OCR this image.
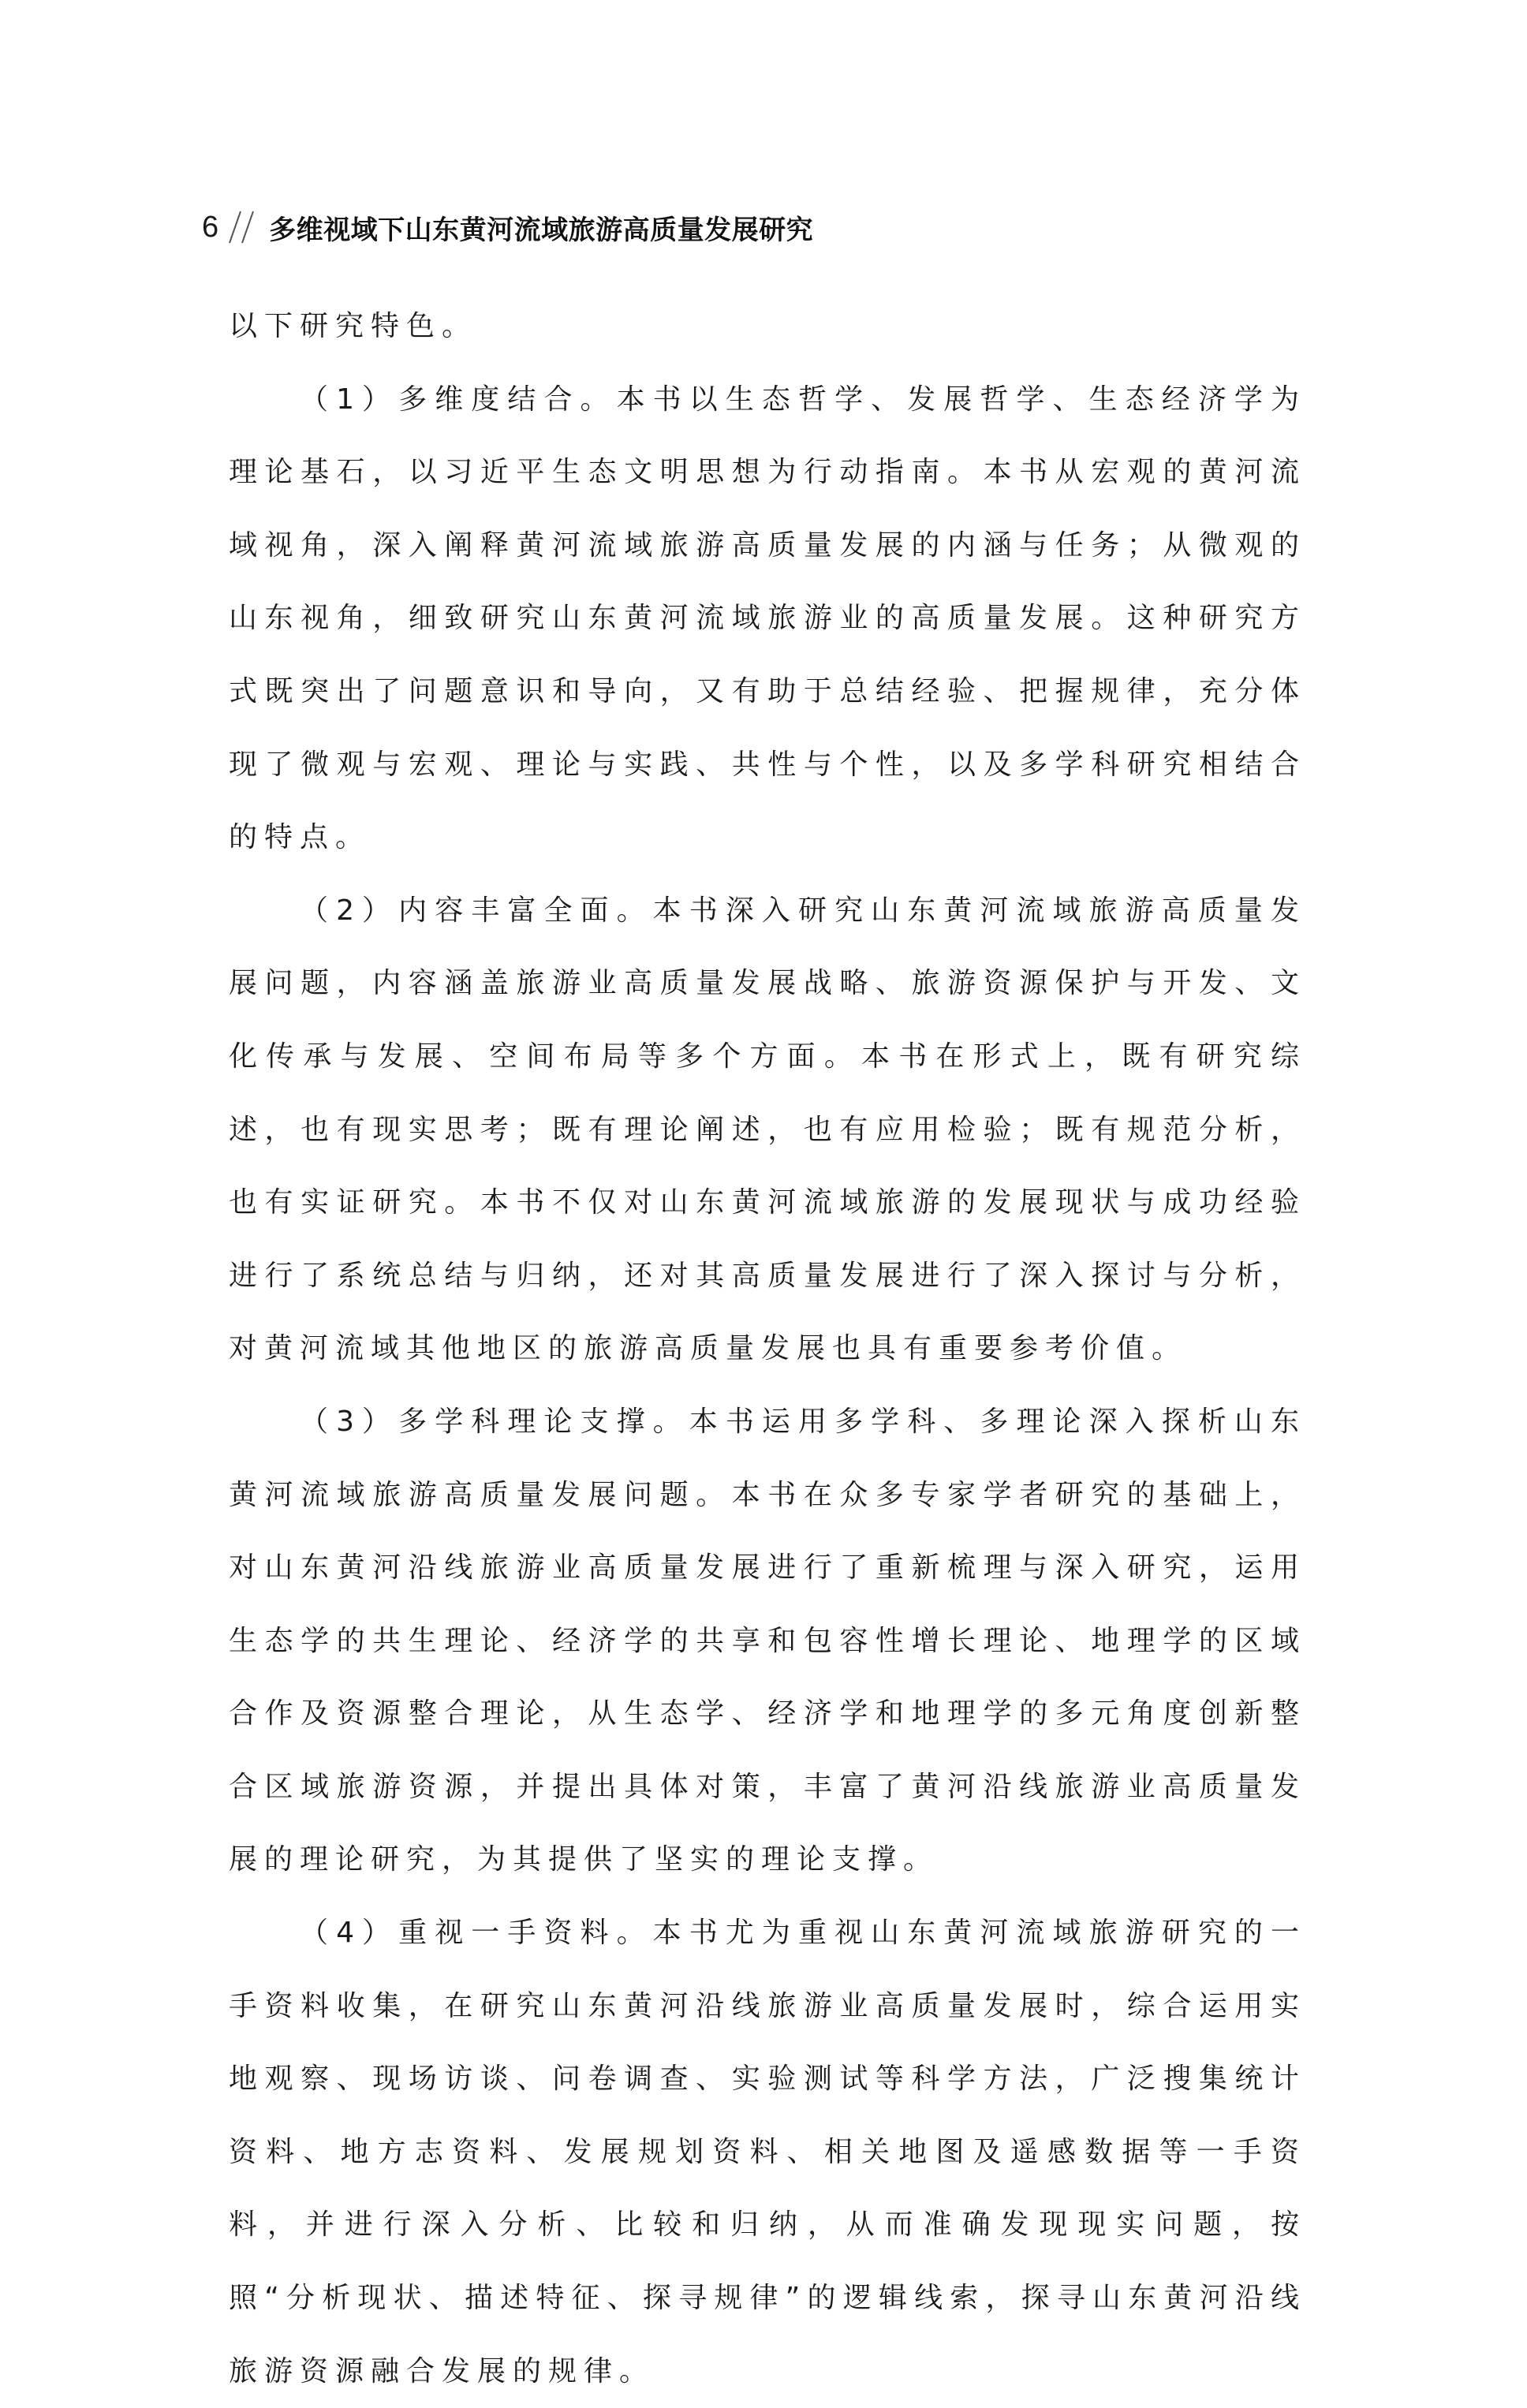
6 多维视域下山东黄河流域旅游高质量发展研究

以下研究特色。

（1）多维度结合。本书以生态哲学、发展哲学、生态经济学为理论基石，以习近平生态文明思想为行动指南。本书从宏观的黄河流域视角，深入阐释黄河流域旅游高质量发展的内涵与任务；从微观的山东视角，细致研究山东黄河流域旅游业的高质量发展。这种研究方式既突出了问题意识和导向，又有助于总结经验、把握规律，充分体现了微观与宏观、理论与实践、共性与个性，以及多学科研究相结合的特点。

（2）内容丰富全面。本书深入研究山东黄河流域旅游高质量发展问题，内容涵盖旅游业高质量发展战略、旅游资源保护与开发、文化传承与发展、空间布局等多个方面。本书在形式上，既有研究综述，也有现实思考；既有理论阐述，也有应用检验；既有规范分析，也有实证研究。本书不仅对山东黄河流域旅游的发展现状与成功经验进行了系统总结与归纳，还对其高质量发展进行了深入探讨与分析，对黄河流域其他地区的旅游高质量发展也具有重要参考价值。

（3）多学科理论支撑。本书运用多学科、多理论深入探析山东黄河流域旅游高质量发展问题。本书在众多专家学者研究的基础上，对山东黄河沿线旅游业高质量发展进行了重新梳理与深入研究，运用生态学的共生理论、经济学的共享和包容性增长理论、地理学的区域合作及资源整合理论，从生态学、经济学和地理学的多元角度创新整合区域旅游资源，并提出具体对策，丰富了黄河沿线旅游业高质量发展的理论研究，为其提供了坚实的理论支撑。

（4）重视一手资料。本书尤为重视山东黄河流域旅游研究的一手资料收集，在研究山东黄河沿线旅游业高质量发展时，综合运用实地观察、现场访谈、问卷调查、实验测试等科学方法，广泛搜集统计资料、地方志资料、发展规划资料、相关地图及遥感数据等一手资料，并进行深入分析、比较和归纳，从而准确发现现实问题，按照“分析现状、描述特征、探寻规律”的逻辑线索，探寻山东黄河沿线旅游资源融合发展的规律。
